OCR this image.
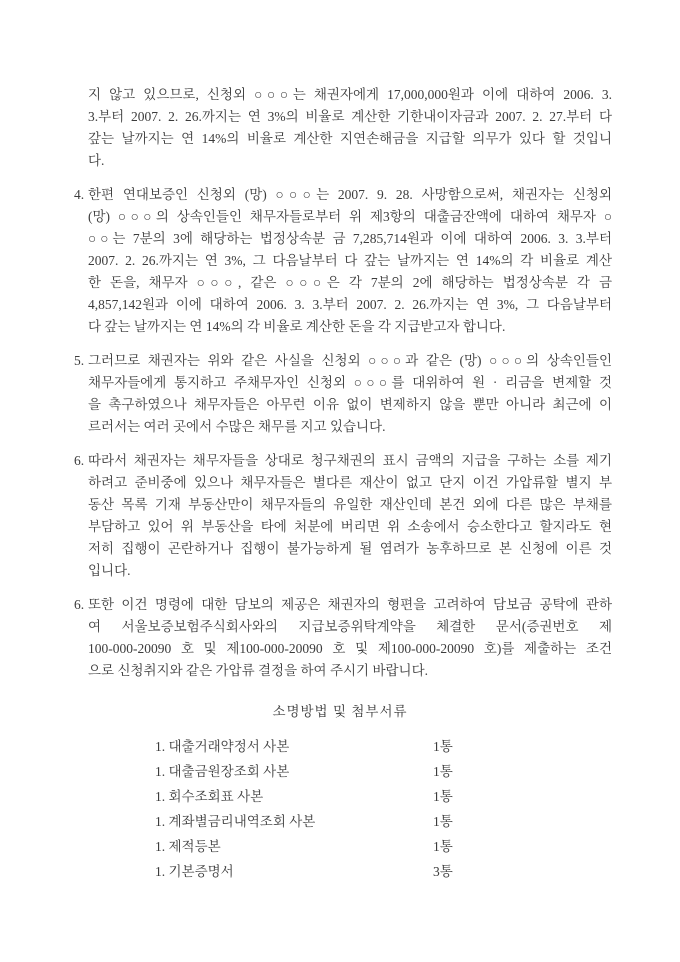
지 않고 있으므로, 신청외 ○○○는 채권자에게 17,000,000원과 이에 대하여 2006. 3.
3.부터 2007. 2. 26.까지는 연 3%의 비율로 계산한 기한내이자금과 2007. 2. 27.부터 다
갚는 날까지는 연 14%의 비율로 계산한 지연손해금을 지급할 의무가 있다 할 것입니
다.
4. 한편 연대보증인 신청외 (망) ○○○는 2007. 9. 28. 사망함으로써, 채권자는 신청외
(망) ○○○의 상속인들인 채무자들로부터 위 제3항의 대출금잔액에 대하여 채무자 ○
○○는 7분의 3에 해당하는 법정상속분 금 7,285,714원과 이에 대하여 2006. 3. 3.부터
2007. 2. 26.까지는 연 3%, 그 다음날부터 다 갚는 날까지는 연 14%의 각 비율로 계산
한 돈을, 채무자 ○○○, 같은 ○○○은 각 7분의 2에 해당하는 법정상속분 각 금
4,857,142원과 이에 대하여 2006. 3. 3.부터 2007. 2. 26.까지는 연 3%, 그 다음날부터
다 갚는 날까지는 연 14%의 각 비율로 계산한 돈을 각 지급받고자 합니다.
5. 그러므로 채권자는 위와 같은 사실을 신청외 ○○○과 같은 (망) ○○○의 상속인들인
채무자들에게 통지하고 주채무자인 신청외 ○○○를 대위하여 원 · 리금을 변제할 것
을 촉구하였으나 채무자들은 아무런 이유 없이 변제하지 않을 뿐만 아니라 최근에 이
르러서는 여러 곳에서 수많은 채무를 지고 있습니다.
6. 따라서 채권자는 채무자들을 상대로 청구채권의 표시 금액의 지급을 구하는 소를 제기
하려고 준비중에 있으나 채무자들은 별다른 재산이 없고 단지 이건 가압류할 별지 부
동산 목록 기재 부동산만이 채무자들의 유일한 재산인데 본건 외에 다른 많은 부채를
부담하고 있어 위 부동산을 타에 처분에 버리면 위 소송에서 승소한다고 할지라도 현
저히 집행이 곤란하거나 집행이 불가능하게 될 염려가 농후하므로 본 신청에 이른 것
입니다.
6. 또한 이건 명령에 대한 담보의 제공은 채권자의 형편을 고려하여 담보금 공탁에 관하
여 서울보증보험주식회사와의 지급보증위탁계약을 체결한 문서(증권번호 제
100-000-20090 호 및 제100-000-20090 호 및 제100-000-20090 호)를 제출하는 조건
으로 신청취지와 같은 가압류 결정을 하여 주시기 바랍니다.
소명방법 및 첨부서류
1. 대출거래약정서 사본	1통
1. 대출금원장조회 사본	1통
1. 회수조회표 사본	1통
1. 계좌별금리내역조회 사본	1통
1. 제적등본	1통
1. 기본증명서	3통
